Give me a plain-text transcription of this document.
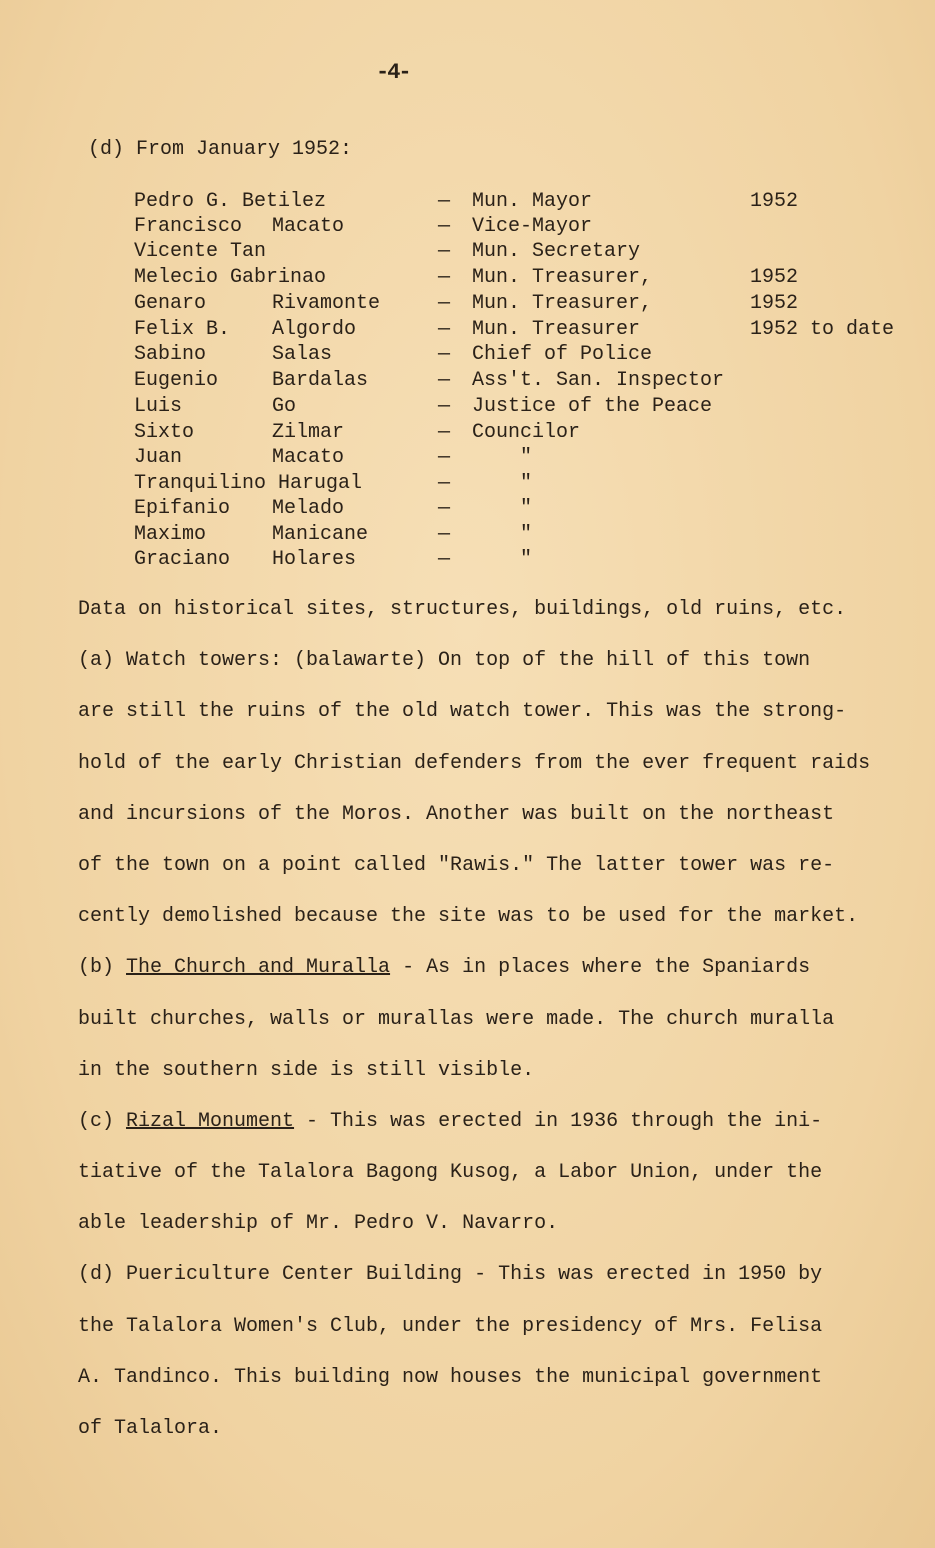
-4-
(d) From January 1952:
Pedro G. Betilez	—	Mun. Mayor	1952
Francisco Macato	—	Vice-Mayor
Vicente Tan	—	Mun. Secretary
Melecio Gabrinao	—	Mun. Treasurer,	1952
Genaro	Rivamonte	—	Mun. Treasurer,	1952
Felix B. Algordo	—	Mun. Treasurer	1952 to date
Sabino	Salas	—	Chief of Police
Eugenio	Bardalas	—	Ass't. San. Inspector
Luis	Go	—	Justice of the Peace
Sixto	Zilmar	—	Councilor
Juan	Macato	—	"
Tranquilino Harugal	—	"
Epifanio Melado	—	"
Maximo	Manicane	—	"
Graciano Holares	—	"
Data on historical sites, structures, buildings, old ruins, etc.
(a) Watch towers: (balawarte) On top of the hill of this town
are still the ruins of the old watch tower. This was the strong-
hold of the early Christian defenders from the ever frequent raids
and incursions of the Moros. Another was built on the northeast
of the town on a point called "Rawis." The latter tower was re-
cently demolished because the site was to be used for the market.
(b) The Church and Muralla - As in places where the Spaniards
built churches, walls or murallas were made. The church muralla
in the southern side is still visible.
(c) Rizal Monument - This was erected in 1936 through the ini-
tiative of the Talalora Bagong Kusog, a Labor Union, under the
able leadership of Mr. Pedro V. Navarro.
(d) Puericulture Center Building - This was erected in 1950 by
the Talalora Women's Club, under the presidency of Mrs. Felisa
A. Tandinco. This building now houses the municipal government
of Talalora.
